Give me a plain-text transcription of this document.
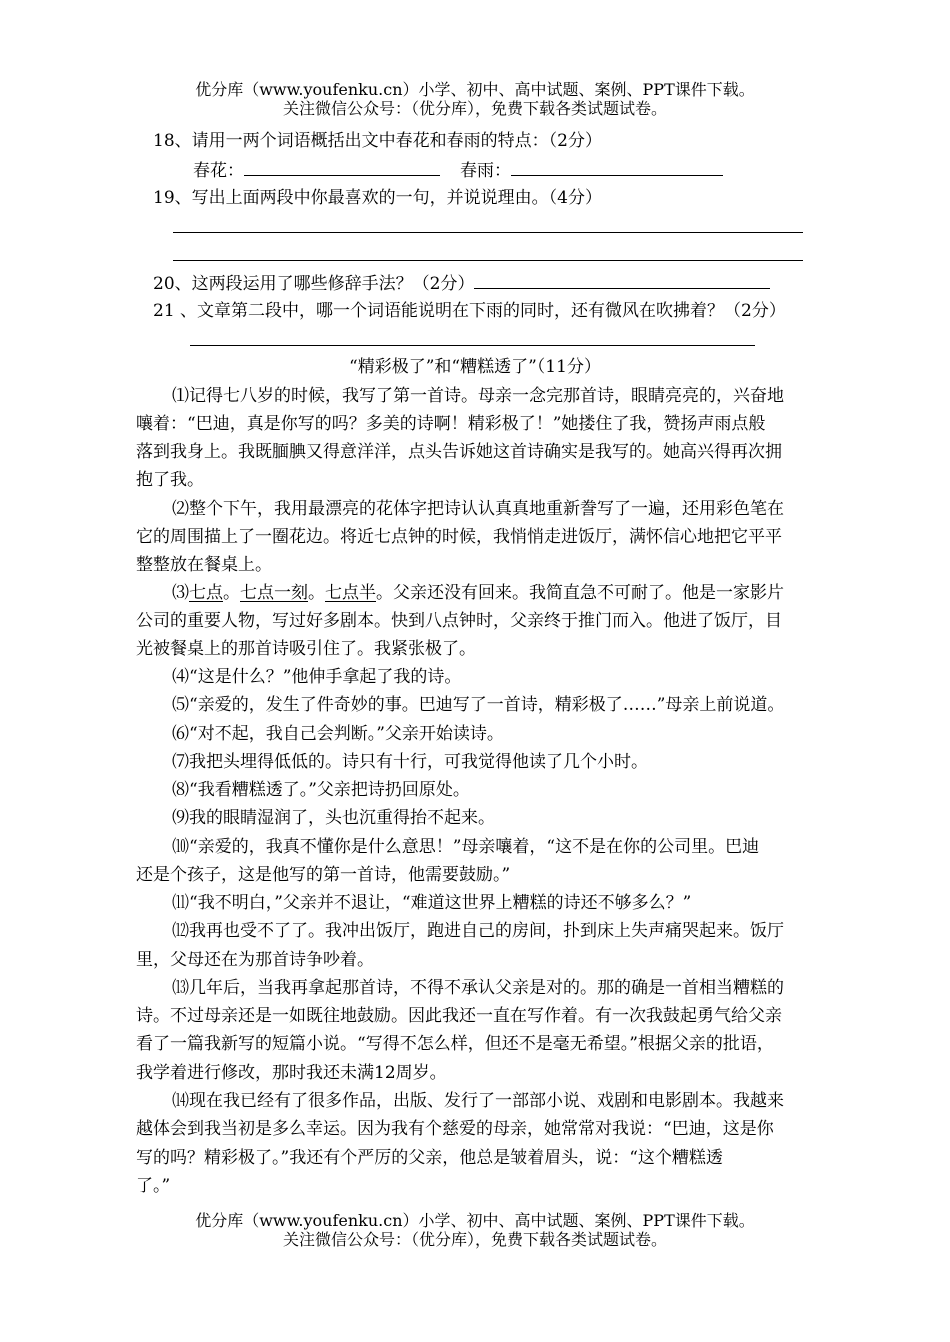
优分库（www.youfenku.cn）小学、初中、高中试题、案例、PPT课件下载。
关注微信公众号：（优分库），免费下载各类试题试卷。
18、请用一两个词语概括出文中春花和春雨的特点：（2分）
春花：	春雨：
19、写出上面两段中你最喜欢的一句，并说说理由。（4分）
20、这两段运用了哪些修辞手法？（2分）
21 、文章第二段中，哪一个词语能说明在下雨的同时，还有微风在吹拂着？（2分）
“精彩极了”和“糟糕透了”（11分）
⑴记得七八岁的时候，我写了第一首诗。母亲一念完那首诗，眼睛亮亮的，兴奋地
嚷着：“巴迪，真是你写的吗？多美的诗啊！精彩极了！”她搂住了我，赞扬声雨点般
落到我身上。我既腼腆又得意洋洋，点头告诉她这首诗确实是我写的。她高兴得再次拥
抱了我。
⑵整个下午，我用最漂亮的花体字把诗认认真真地重新誊写了一遍，还用彩色笔在
它的周围描上了一圈花边。将近七点钟的时候，我悄悄走进饭厅，满怀信心地把它平平
整整放在餐桌上。
⑶七点。七点一刻。七点半。父亲还没有回来。我简直急不可耐了。他是一家影片
公司的重要人物，写过好多剧本。快到八点钟时，父亲终于推门而入。他进了饭厅，目
光被餐桌上的那首诗吸引住了。我紧张极了。
⑷“这是什么？”他伸手拿起了我的诗。
⑸“亲爱的，发生了件奇妙的事。巴迪写了一首诗，精彩极了……”母亲上前说道。
⑹“对不起，我自己会判断。”父亲开始读诗。
⑺我把头埋得低低的。诗只有十行，可我觉得他读了几个小时。
⑻“我看糟糕透了。”父亲把诗扔回原处。
⑼我的眼睛湿润了，头也沉重得抬不起来。
⑽“亲爱的，我真不懂你是什么意思！”母亲嚷着，“这不是在你的公司里。巴迪
还是个孩子，这是他写的第一首诗，他需要鼓励。”
⑾“我不明白，”父亲并不退让，“难道这世界上糟糕的诗还不够多么？”
⑿我再也受不了了。我冲出饭厅，跑进自己的房间，扑到床上失声痛哭起来。饭厅
里，父母还在为那首诗争吵着。
⒀几年后，当我再拿起那首诗，不得不承认父亲是对的。那的确是一首相当糟糕的
诗。不过母亲还是一如既往地鼓励。因此我还一直在写作着。有一次我鼓起勇气给父亲
看了一篇我新写的短篇小说。“写得不怎么样，但还不是毫无希望。”根据父亲的批语，
我学着进行修改，那时我还未满12周岁。
⒁现在我已经有了很多作品，出版、发行了一部部小说、戏剧和电影剧本。我越来
越体会到我当初是多么幸运。因为我有个慈爱的母亲，她常常对我说：“巴迪，这是你
写的吗？精彩极了。”我还有个严厉的父亲，他总是皱着眉头，说：“这个糟糕透
了。”
优分库（www.youfenku.cn）小学、初中、高中试题、案例、PPT课件下载。
关注微信公众号：（优分库），免费下载各类试题试卷。
